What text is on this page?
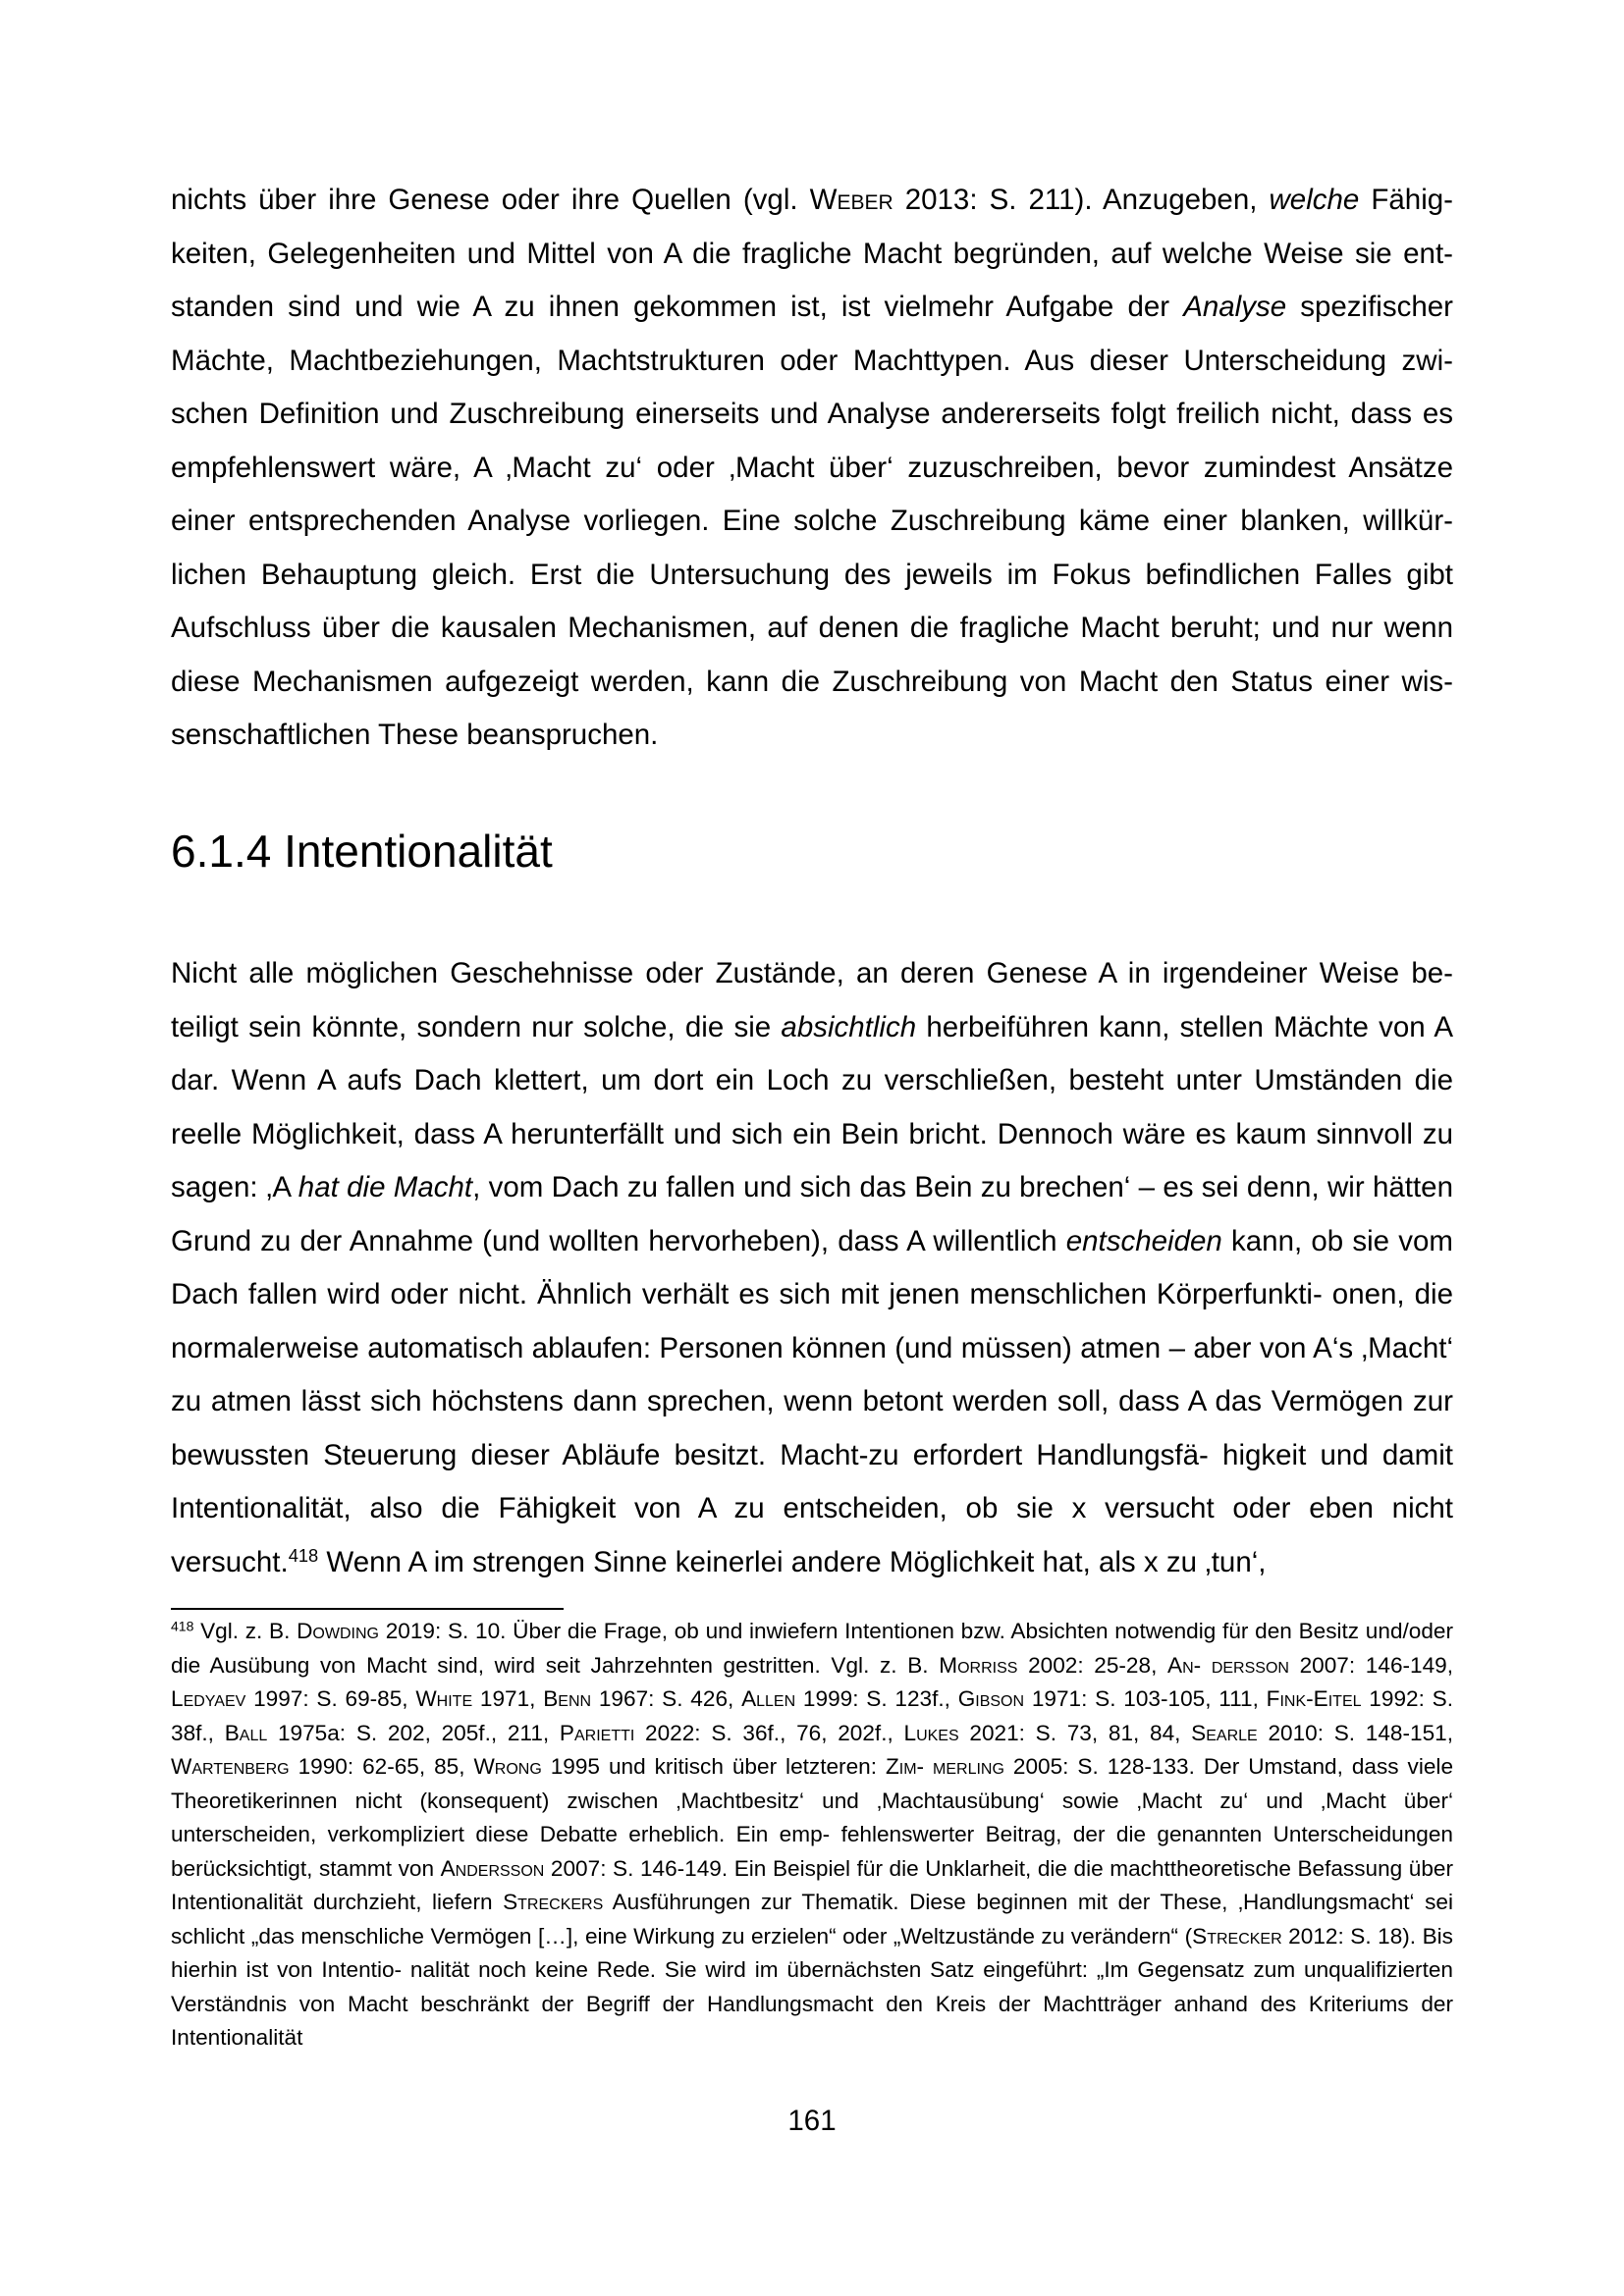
nichts über ihre Genese oder ihre Quellen (vgl. Weber 2013: S. 211). Anzugeben, welche Fähig- keiten, Gelegenheiten und Mittel von A die fragliche Macht begründen, auf welche Weise sie ent- standen sind und wie A zu ihnen gekommen ist, ist vielmehr Aufgabe der Analyse spezifischer Mächte, Machtbeziehungen, Machtstrukturen oder Machttypen. Aus dieser Unterscheidung zwi- schen Definition und Zuschreibung einerseits und Analyse andererseits folgt freilich nicht, dass es empfehlenswert wäre, A ‚Macht zu‘ oder ‚Macht über‘ zuzuschreiben, bevor zumindest Ansätze einer entsprechenden Analyse vorliegen. Eine solche Zuschreibung käme einer blanken, willkür- lichen Behauptung gleich. Erst die Untersuchung des jeweils im Fokus befindlichen Falles gibt Aufschluss über die kausalen Mechanismen, auf denen die fragliche Macht beruht; und nur wenn diese Mechanismen aufgezeigt werden, kann die Zuschreibung von Macht den Status einer wis- senschaftlichen These beanspruchen.
6.1.4 Intentionalität
Nicht alle möglichen Geschehnisse oder Zustände, an deren Genese A in irgendeiner Weise be- teiligt sein könnte, sondern nur solche, die sie absichtlich herbeiführen kann, stellen Mächte von A dar. Wenn A aufs Dach klettert, um dort ein Loch zu verschließen, besteht unter Umständen die reelle Möglichkeit, dass A herunterfällt und sich ein Bein bricht. Dennoch wäre es kaum sinnvoll zu sagen: ‚A hat die Macht, vom Dach zu fallen und sich das Bein zu brechen‘ – es sei denn, wir hätten Grund zu der Annahme (und wollten hervorheben), dass A willentlich entscheiden kann, ob sie vom Dach fallen wird oder nicht. Ähnlich verhält es sich mit jenen menschlichen Körperfunkti- onen, die normalerweise automatisch ablaufen: Personen können (und müssen) atmen – aber von A‘s ‚Macht‘ zu atmen lässt sich höchstens dann sprechen, wenn betont werden soll, dass A das Vermögen zur bewussten Steuerung dieser Abläufe besitzt. Macht-zu erfordert Handlungsfä- higkeit und damit Intentionalität, also die Fähigkeit von A zu entscheiden, ob sie x versucht oder eben nicht versucht.$^{418}$ Wenn A im strengen Sinne keinerlei andere Möglichkeit hat, als x zu ‚tun‘,
$^{418}$ Vgl. z. B. Dowding 2019: S. 10. Über die Frage, ob und inwiefern Intentionen bzw. Absichten notwendig für den Besitz und/oder die Ausübung von Macht sind, wird seit Jahrzehnten gestritten. Vgl. z. B. Morriss 2002: 25-28, An- dersson 2007: 146-149, Ledyaev 1997: S. 69-85, White 1971, Benn 1967: S. 426, Allen 1999: S. 123f., Gibson 1971: S. 103-105, 111, Fink-Eitel 1992: S. 38f., Ball 1975a: S. 202, 205f., 211, Parietti 2022: S. 36f., 76, 202f., Lukes 2021: S. 73, 81, 84, Searle 2010: S. 148-151, Wartenberg 1990: 62-65, 85, Wrong 1995 und kritisch über letzteren: Zim- merling 2005: S. 128-133. Der Umstand, dass viele Theoretikerinnen nicht (konsequent) zwischen ‚Machtbesitz‘ und ‚Machtausübung‘ sowie ‚Macht zu‘ und ‚Macht über‘ unterscheiden, verkompliziert diese Debatte erheblich. Ein emp- fehlenswerter Beitrag, der die genannten Unterscheidungen berücksichtigt, stammt von Andersson 2007: S. 146-149. Ein Beispiel für die Unklarheit, die die machttheoretische Befassung über Intentionalität durchzieht, liefern Streckers Ausführungen zur Thematik. Diese beginnen mit der These, ‚Handlungsmacht‘ sei schlicht „das menschliche Vermögen […], eine Wirkung zu erzielen“ oder „Weltzustände zu verändern“ (Strecker 2012: S. 18). Bis hierhin ist von Intentio- nalität noch keine Rede. Sie wird im übernächsten Satz eingeführt: „Im Gegensatz zum unqualifizierten Verständnis von Macht beschränkt der Begriff der Handlungsmacht den Kreis der Machtträger anhand des Kriteriums der Intentionalität
161
